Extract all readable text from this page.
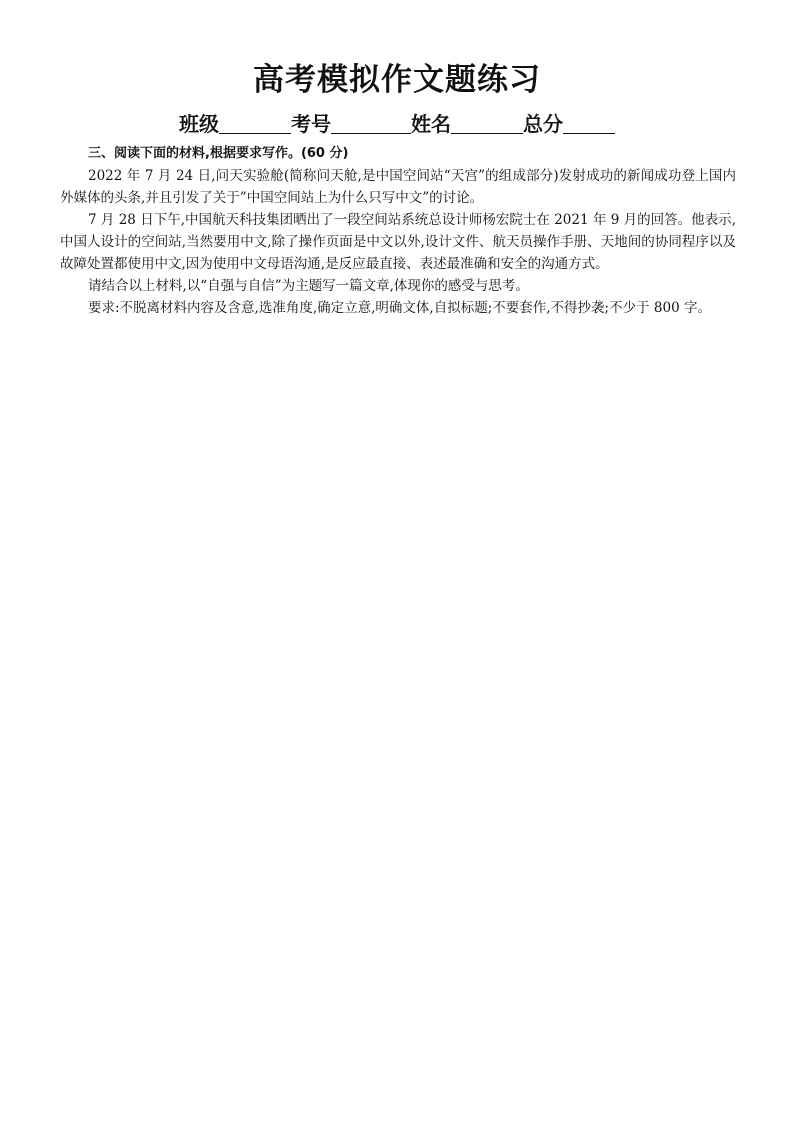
高考模拟作文题练习
班级	考号	姓名	总分

三、阅读下面的材料,根据要求写作。(60 分)

2022 年 7 月 24 日,问天实验舱(简称问天舱,是中国空间站“天宫”的组成部分)发射成功的新闻成功登上国内外媒体的头条,并且引发了关于”中国空间站上为什么只写中文”的讨论。

7 月 28 日下午,中国航天科技集团晒出了一段空间站系统总设计师杨宏院士在 2021 年 9 月的回答。他表示,中国人设计的空间站,当然要用中文,除了操作页面是中文以外,设计文件、航天员操作手册、天地间的协同程序以及故障处置都使用中文,因为使用中文母语沟通,是反应最直接、表述最准确和安全的沟通方式。

请结合以上材料,以“自强与自信”为主题写一篇文章,体现你的感受与思考。

要求:不脱离材料内容及含意,选准角度,确定立意,明确文体,自拟标题;不要套作,不得抄袭;不少于 800 字。
